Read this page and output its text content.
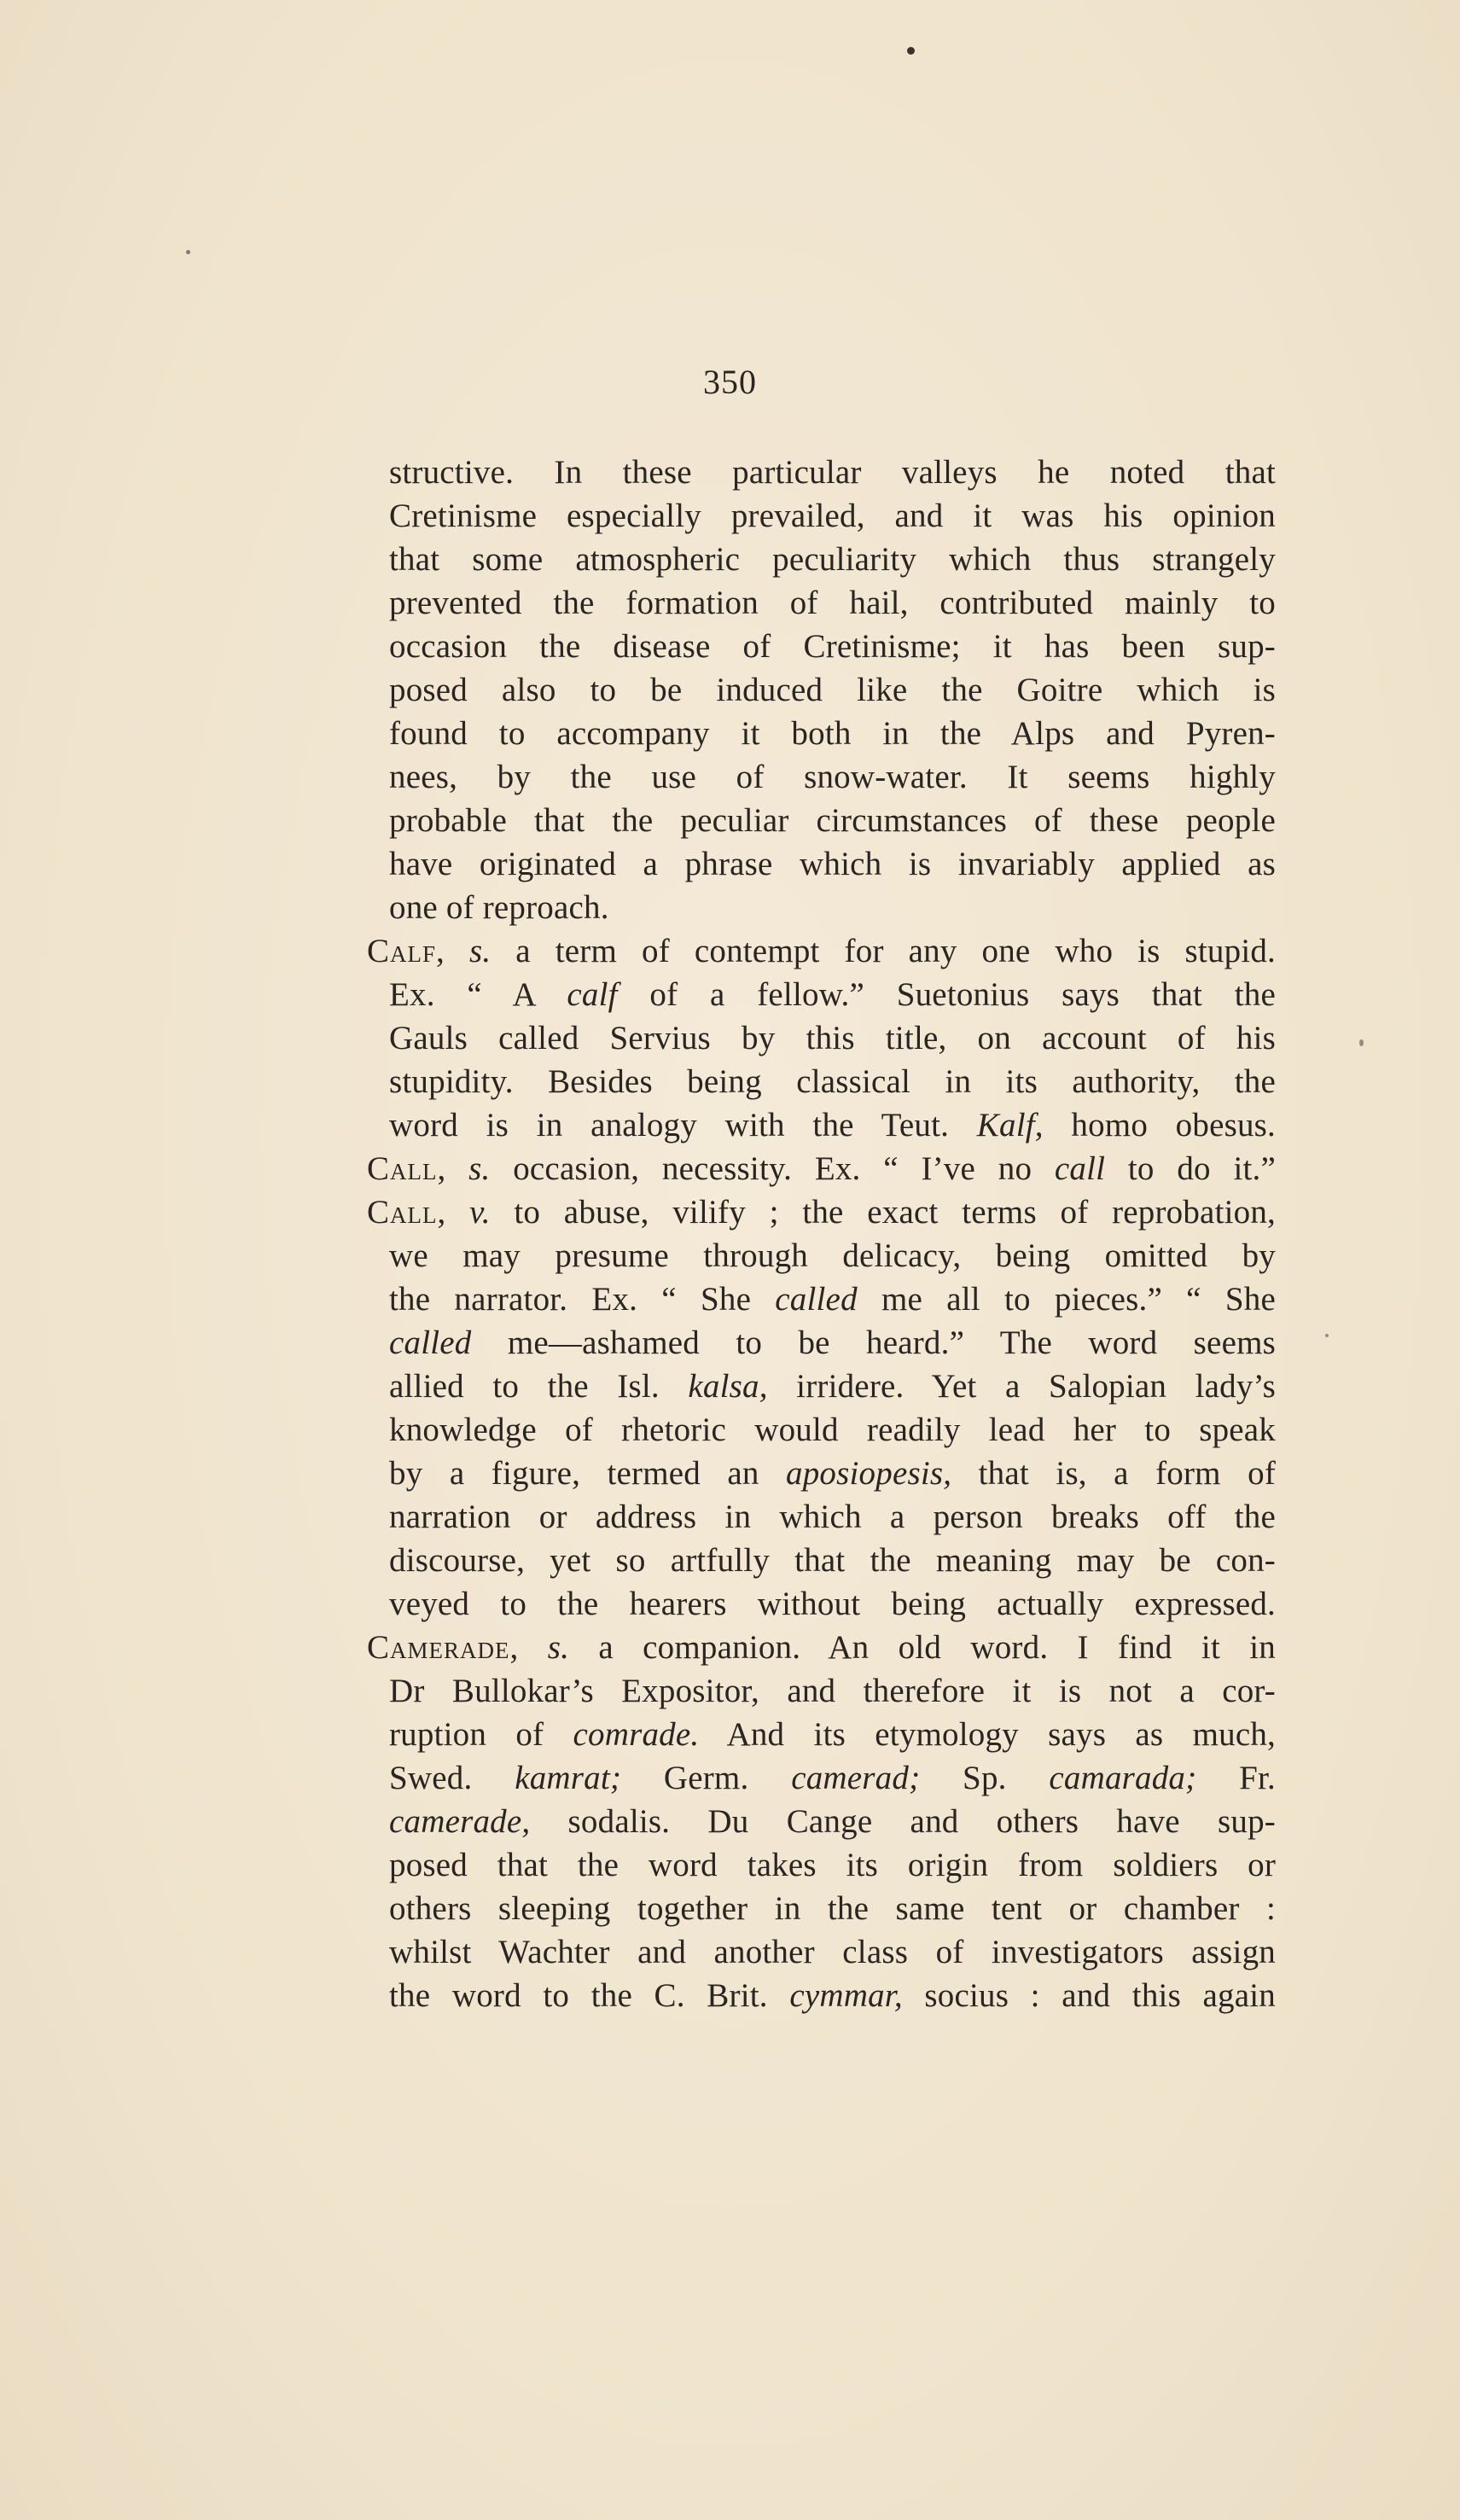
350
structive. In these particular valleys he noted that
Cretinisme especially prevailed, and it was his opinion
that some atmospheric peculiarity which thus strangely
prevented the formation of hail, contributed mainly to
occasion the disease of Cretinisme; it has been sup-
posed also to be induced like the Goitre which is
found to accompany it both in the Alps and Pyren-
nees, by the use of snow-water. It seems highly
probable that the peculiar circumstances of these people
have originated a phrase which is invariably applied as
one of reproach.
Calf, s. a term of contempt for any one who is stupid.
Ex. “ A calf of a fellow.” Suetonius says that the
Gauls called Servius by this title, on account of his
stupidity. Besides being classical in its authority, the
word is in analogy with the Teut. Kalf, homo obesus.
Call, s. occasion, necessity. Ex. “ I’ve no call to do it.”
Call, v. to abuse, vilify ; the exact terms of reprobation,
we may presume through delicacy, being omitted by
the narrator. Ex. “ She called me all to pieces.” “ She
called me—ashamed to be heard.” The word seems
allied to the Isl. kalsa, irridere. Yet a Salopian lady’s
knowledge of rhetoric would readily lead her to speak
by a figure, termed an aposiopesis, that is, a form of
narration or address in which a person breaks off the
discourse, yet so artfully that the meaning may be con-
veyed to the hearers without being actually expressed.
Camerade, s. a companion. An old word. I find it in
Dr Bullokar’s Expositor, and therefore it is not a cor-
ruption of comrade. And its etymology says as much,
Swed. kamrat; Germ. camerad; Sp. camarada; Fr.
camerade, sodalis. Du Cange and others have sup-
posed that the word takes its origin from soldiers or
others sleeping together in the same tent or chamber :
whilst Wachter and another class of investigators assign
the word to the C. Brit. cymmar, socius : and this again
